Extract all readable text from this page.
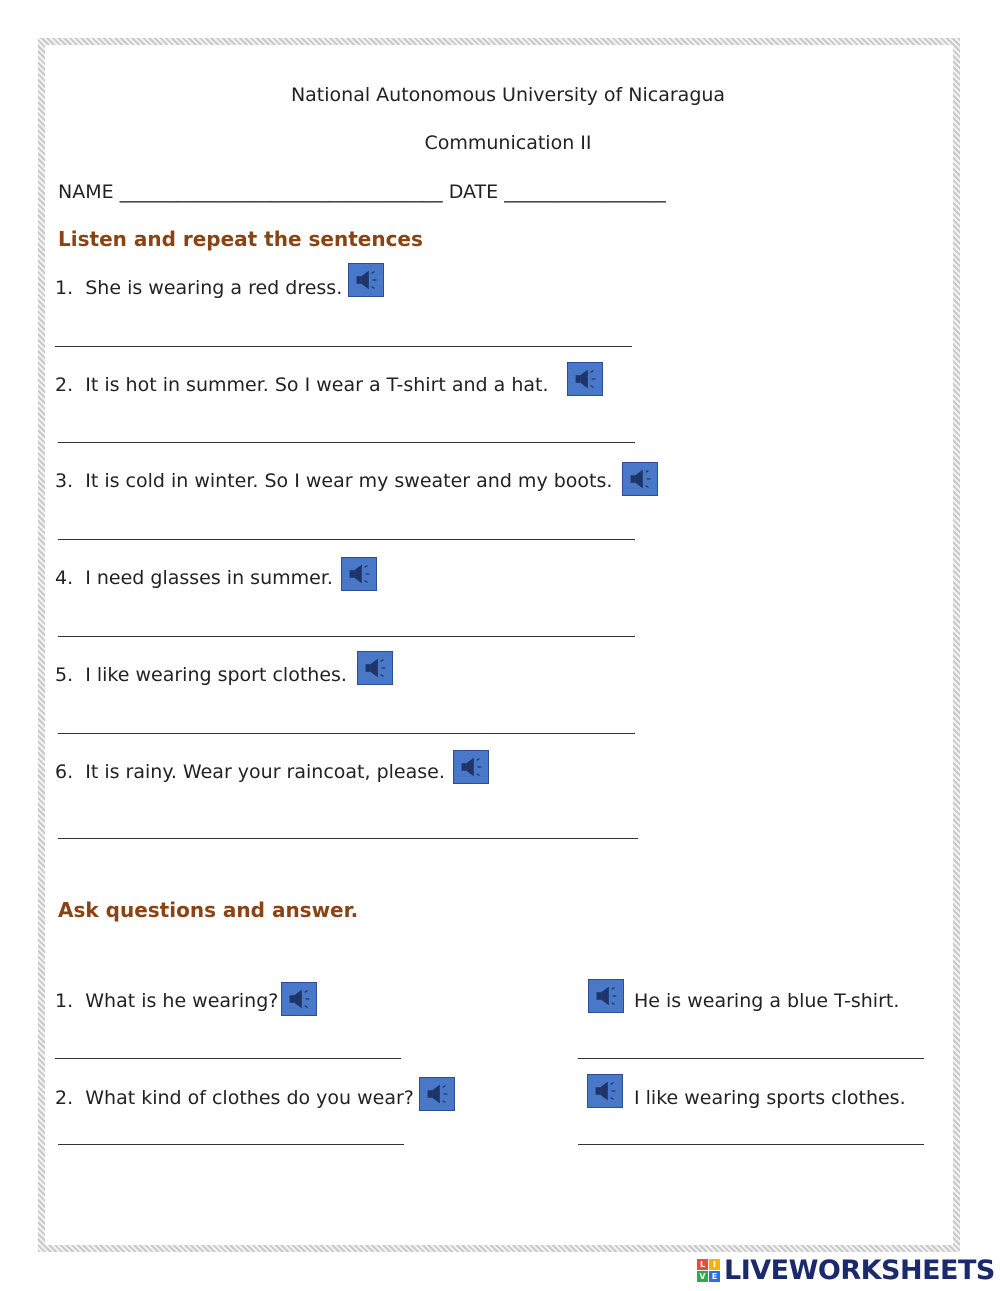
National Autonomous University of Nicaragua
Communication II
NAME __________________________________ DATE _________________
Listen and repeat the sentences
1. She is wearing a red dress.
2. It is hot in summer. So I wear a T-shirt and a hat.
3. It is cold in winter. So I wear my sweater and my boots.
4. I need glasses in summer.
5. I like wearing sport clothes.
6. It is rainy. Wear your raincoat, please.
Ask questions and answer.
1. What is he wearing?	He is wearing a blue T-shirt.
2. What kind of clothes do you wear?	I like wearing sports clothes.
L I
V E LIVEWORKSHEETS
